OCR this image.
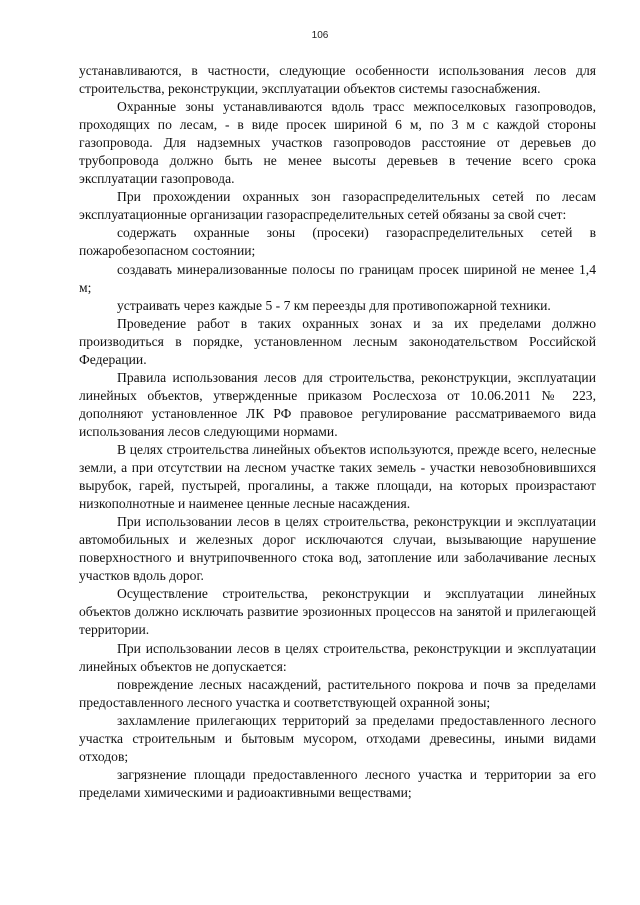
106

устанавливаются, в частности, следующие особенности использования лесов для строительства, реконструкции, эксплуатации объектов системы газоснабжения.

Охранные зоны устанавливаются вдоль трасс межпоселковых газопроводов, проходящих по лесам, - в виде просек шириной 6 м, по 3 м с каждой стороны газопровода. Для надземных участков газопроводов расстояние от деревьев до трубопровода должно быть не менее высоты деревьев в течение всего срока эксплуатации газопровода.

При прохождении охранных зон газораспределительных сетей по лесам эксплуатационные организации газораспределительных сетей обязаны за свой счет:

содержать охранные зоны (просеки) газораспределительных сетей в пожаробезопасном состоянии;

создавать минерализованные полосы по границам просек шириной не менее 1,4 м;

устраивать через каждые 5 - 7 км переезды для противопожарной техники.

Проведение работ в таких охранных зонах и за их пределами должно производиться в порядке, установленном лесным законодательством Российской Федерации.

Правила использования лесов для строительства, реконструкции, эксплуатации линейных объектов, утвержденные приказом Рослесхоза от 10.06.2011 № 223, дополняют установленное ЛК РФ правовое регулирование рассматриваемого вида использования лесов следующими нормами.

В целях строительства линейных объектов используются, прежде всего, нелесные земли, а при отсутствии на лесном участке таких земель - участки невозобновившихся вырубок, гарей, пустырей, прогалины, а также площади, на которых произрастают низкополнотные и наименее ценные лесные насаждения.

При использовании лесов в целях строительства, реконструкции и эксплуатации автомобильных и железных дорог исключаются случаи, вызывающие нарушение поверхностного и внутрипочвенного стока вод, затопление или заболачивание лесных участков вдоль дорог.

Осуществление строительства, реконструкции и эксплуатации линейных объектов должно исключать развитие эрозионных процессов на занятой и прилегающей территории.

При использовании лесов в целях строительства, реконструкции и эксплуатации линейных объектов не допускается:

повреждение лесных насаждений, растительного покрова и почв за пределами предоставленного лесного участка и соответствующей охранной зоны;

захламление прилегающих территорий за пределами предоставленного лесного участка строительным и бытовым мусором, отходами древесины, иными видами отходов;

загрязнение площади предоставленного лесного участка и территории за его пределами химическими и радиоактивными веществами;
